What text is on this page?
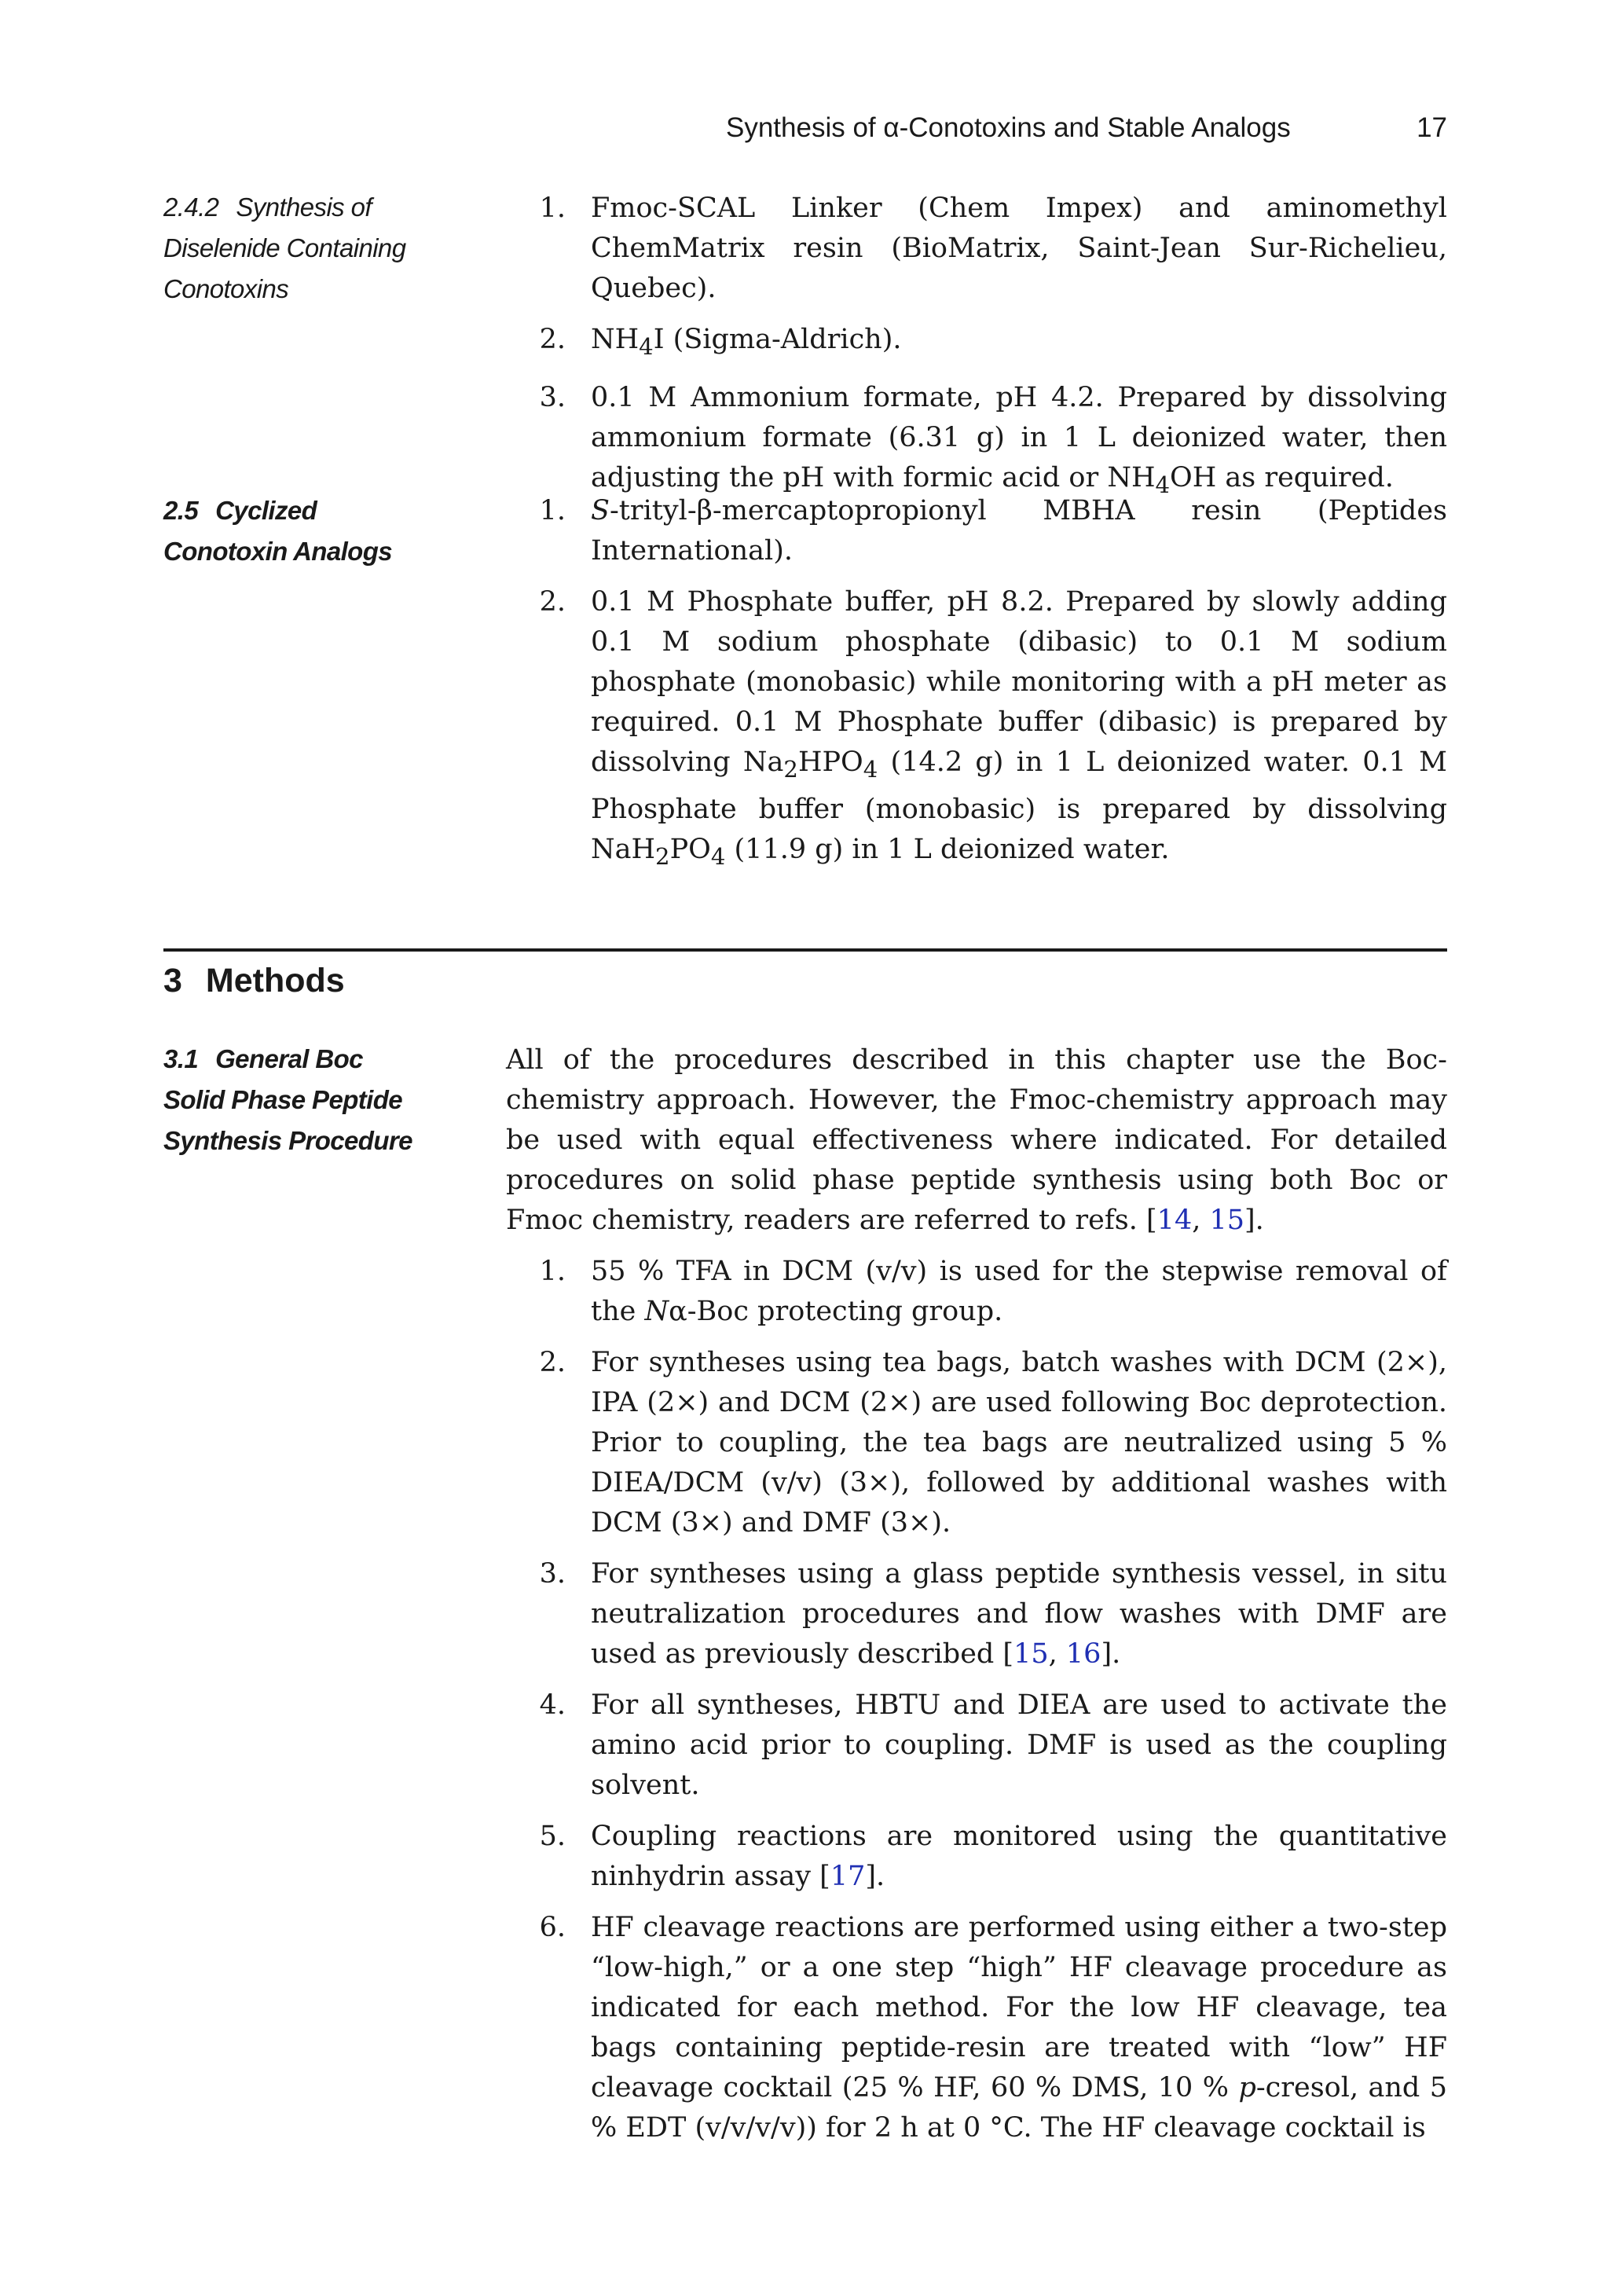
Synthesis of α-Conotoxins and Stable Analogs	17
2.4.2 Synthesis of
Diselenide Containing
Conotoxins
1. Fmoc-SCAL Linker (Chem Impex) and aminomethyl ChemMatrix resin (BioMatrix, Saint-Jean Sur-Richelieu, Quebec).
2. $NH_4I$ (Sigma-Aldrich).
3. 0.1 M Ammonium formate, pH 4.2. Prepared by dissolving ammonium formate (6.31 g) in 1 L deionized water, then adjusting the pH with formic acid or $NH_4OH$ as required.
2.5 Cyclized
Conotoxin Analogs
1. S-trityl-β-mercaptopropionyl MBHA resin (Peptides International).
2. 0.1 M Phosphate buffer, pH 8.2. Prepared by slowly adding 0.1 M sodium phosphate (dibasic) to 0.1 M sodium phosphate (monobasic) while monitoring with a pH meter as required. 0.1 M Phosphate buffer (dibasic) is prepared by dissolving $Na_2HPO_4$ (14.2 g) in 1 L deionized water. 0.1 M Phosphate buffer (monobasic) is prepared by dissolving $NaH_2PO_4$ (11.9 g) in 1 L deionized water.
3 Methods
3.1 General Boc
Solid Phase Peptide
Synthesis Procedure

All of the procedures described in this chapter use the Boc-chemistry approach. However, the Fmoc-chemistry approach may be used with equal effectiveness where indicated. For detailed procedures on solid phase peptide synthesis using both Boc or Fmoc chemistry, readers are referred to refs. [14, 15].

1. 55 % TFA in DCM (v/v) is used for the stepwise removal of the Nα-Boc protecting group.
2. For syntheses using tea bags, batch washes with DCM (2×), IPA (2×) and DCM (2×) are used following Boc deprotection. Prior to coupling, the tea bags are neutralized using 5 % DIEA/DCM (v/v) (3×), followed by additional washes with DCM (3×) and DMF (3×).
3. For syntheses using a glass peptide synthesis vessel, in situ neutralization procedures and flow washes with DMF are used as previously described [15, 16].
4. For all syntheses, HBTU and DIEA are used to activate the amino acid prior to coupling. DMF is used as the coupling solvent.
5. Coupling reactions are monitored using the quantitative ninhydrin assay [17].
6. HF cleavage reactions are performed using either a two-step “low-high,” or a one step “high” HF cleavage procedure as indicated for each method. For the low HF cleavage, tea bags containing peptide-resin are treated with “low” HF cleavage cocktail (25 % HF, 60 % DMS, 10 % p-cresol, and 5 % EDT (v/v/v/v)) for 2 h at 0 °C. The HF cleavage cocktail is
